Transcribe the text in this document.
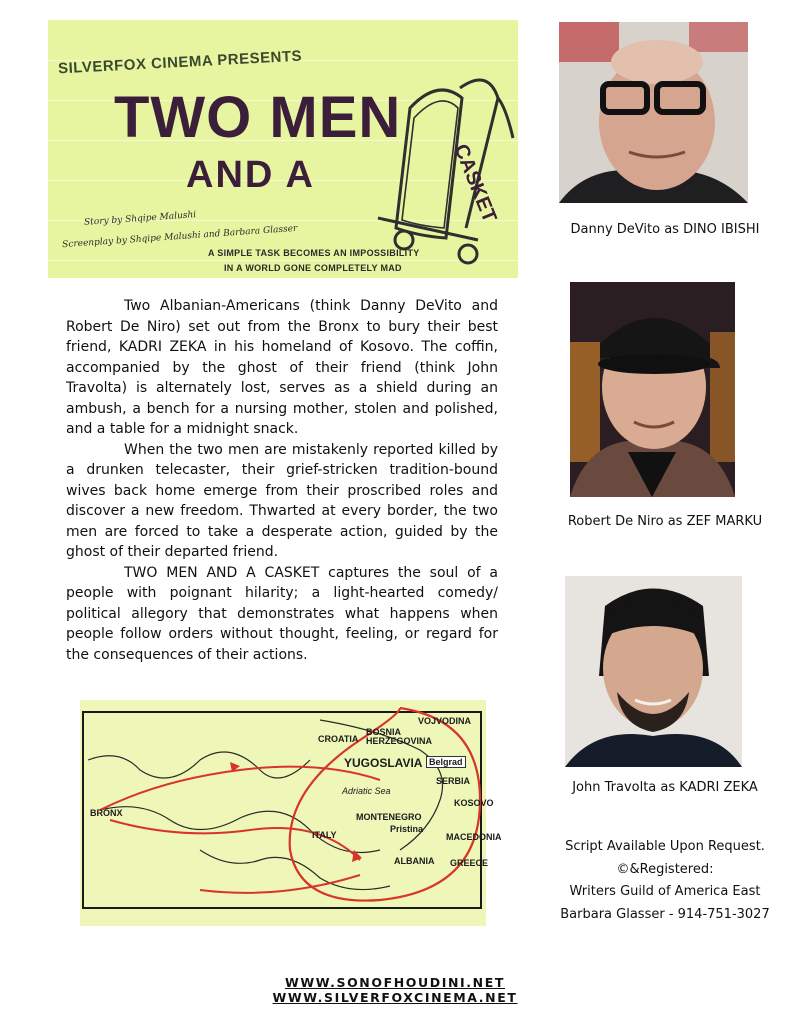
SILVERFOX CINEMA PRESENTS
TWO MEN
AND A	CASKET
Story by Shqipe Malushi
Screenplay by Shqipe Malushi and Barbara Glasser
A SIMPLE TASK BECOMES AN IMPOSSIBILITY
IN A WORLD GONE COMPLETELY MAD

Two Albanian-Americans (think Danny DeVito and Robert De Niro) set out from the Bronx to bury their best friend, KADRI ZEKA in his homeland of Kosovo. The coffin, accompanied by the ghost of their friend (think John Travolta) is alternately lost, serves as a shield during an ambush, a bench for a nursing mother, stolen and polished, and a table for a midnight snack.

When the two men are mistakenly reported killed by a drunken telecaster, their grief-stricken tradition-bound wives back home emerge from their proscribed roles and discover a new freedom. Thwarted at every border, the two men are forced to take a desperate action, guided by the ghost of their departed friend.

TWO MEN AND A CASKET captures the soul of a people with poignant hilarity; a light-hearted comedy/ political allegory that demonstrates what happens when people follow orders without thought, feeling, or regard for the consequences of their actions.

VOJVODINA
CROATIA
BOSNIA HERZEGOVINA
YUGOSLAVIA Belgrad
SERBIA
Adriatic Sea
MONTENEGRO
Pristina
KOSOVO
MACEDONIA
ALBANIA GREECE
ITALY
BRONX
Danny DeVito as DINO IBISHI
Robert De Niro as ZEF MARKU
John Travolta as KADRI ZEKA
Script Available Upon Request.
©&Registered:
Writers Guild of America East
Barbara Glasser - 914-751-3027
WWW.SONOFHOUDINI.NET
WWW.SILVERFOXCINEMA.NET
